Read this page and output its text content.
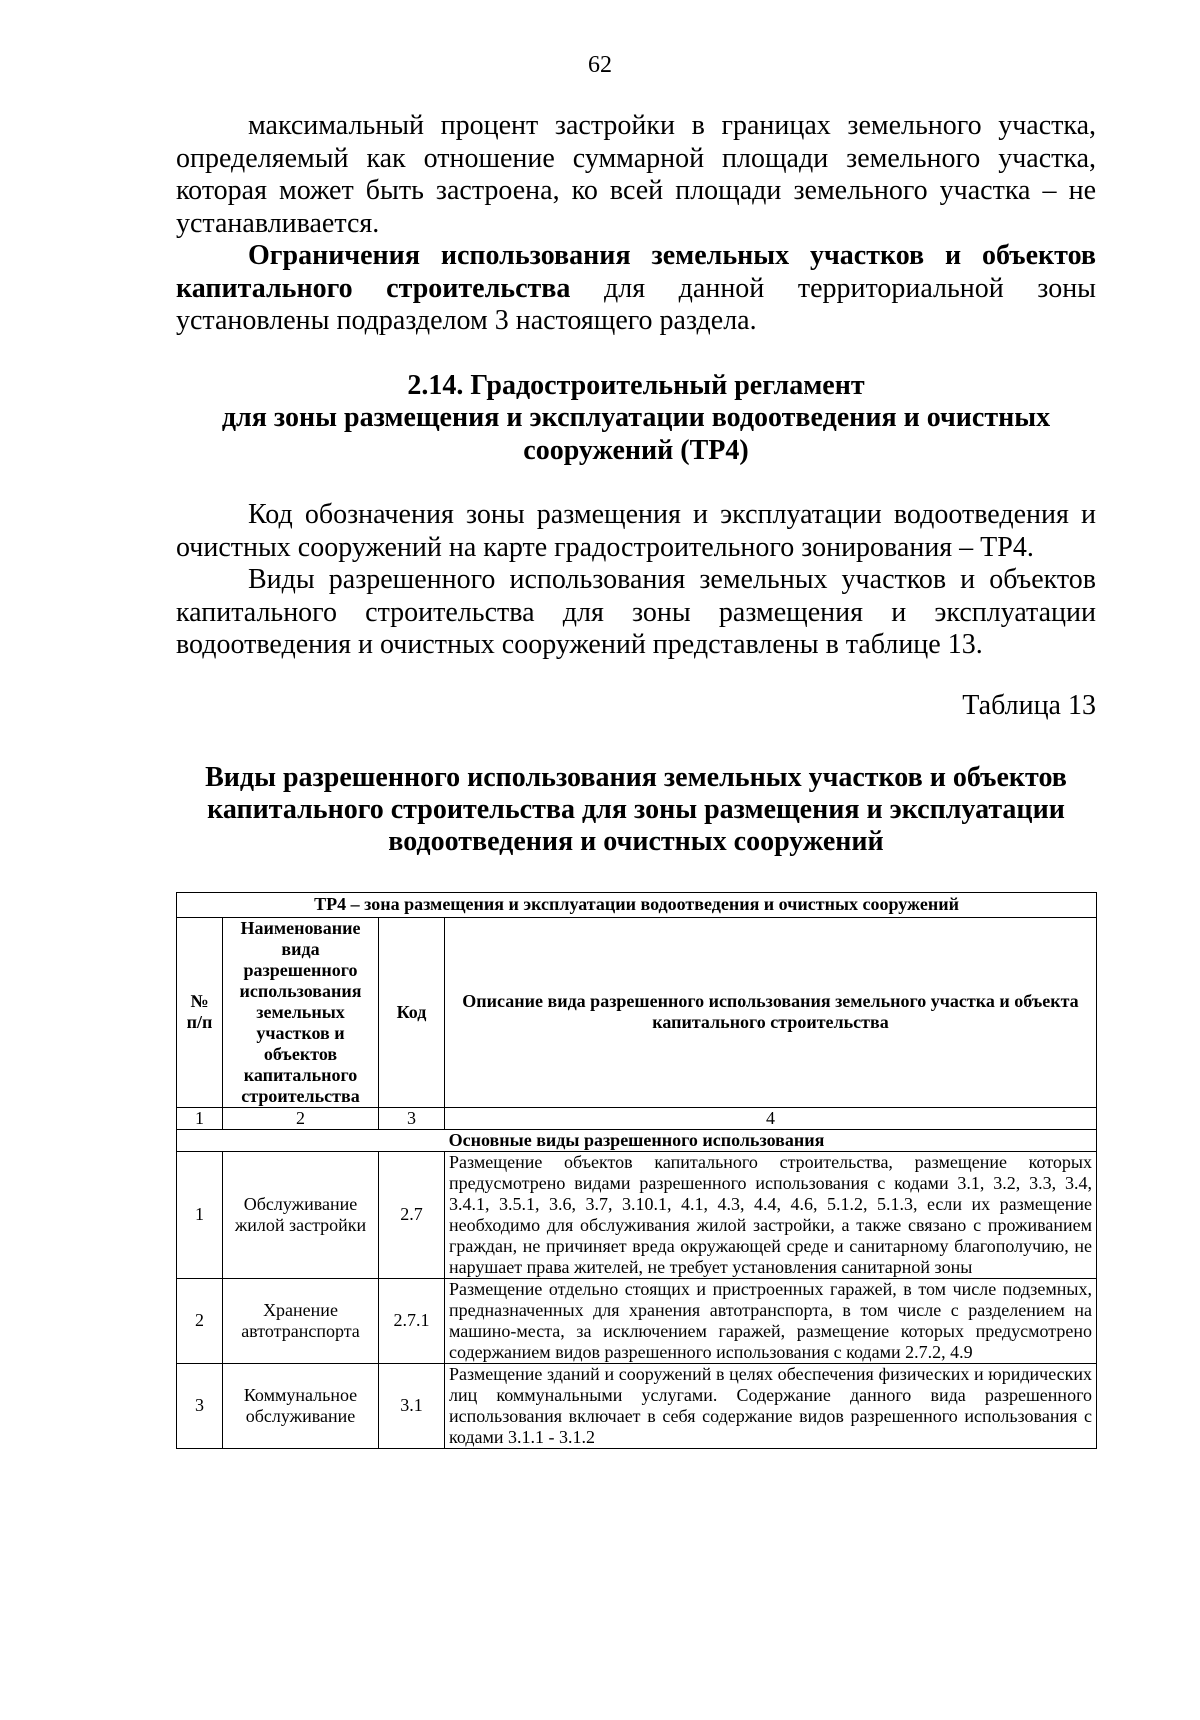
62

максимальный процент застройки в границах земельного участка, определяемый как отношение суммарной площади земельного участка, которая может быть застроена, ко всей площади земельного участка – не устанавливается.

Ограничения использования земельных участков и объектов капитального строительства для данной территориальной зоны установлены подразделом 3 настоящего раздела.

2.14. Градостроительный регламент
для зоны размещения и эксплуатации водоотведения и очистных
сооружений (ТР4)

Код обозначения зоны размещения и эксплуатации водоотведения и очистных сооружений на карте градостроительного зонирования – ТР4.

Виды разрешенного использования земельных участков и объектов капитального строительства для зоны размещения и эксплуатации водоотведения и очистных сооружений представлены в таблице 13.

Таблица 13
Виды разрешенного использования земельных участков и объектов
капитального строительства для зоны размещения и эксплуатации
водоотведения и очистных сооружений
ТР4 – зона размещения и эксплуатации водоотведения и очистных сооружений			
№ п/п	Наименование вида разрешенного использования земельных участков и объектов капитального строительства	Код	Описание вида разрешенного использования земельного участка и объекта капитального строительства
1	2	3	4
Основные виды разрешенного использования			
1	Обслуживание жилой застройки	2.7	Размещение объектов капитального строительства, размещение которых предусмотрено видами разрешенного использования с кодами 3.1, 3.2, 3.3, 3.4, 3.4.1, 3.5.1, 3.6, 3.7, 3.10.1, 4.1, 4.3, 4.4, 4.6, 5.1.2, 5.1.3, если их размещение необходимо для обслуживания жилой застройки, а также связано с проживанием граждан, не причиняет вреда окружающей среде и санитарному благополучию, не нарушает права жителей, не требует установления санитарной зоны
2	Хранение автотранспорта	2.7.1	Размещение отдельно стоящих и пристроенных гаражей, в том числе подземных, предназначенных для хранения автотранспорта, в том числе с разделением на машино-места, за исключением гаражей, размещение которых предусмотрено содержанием видов разрешенного использования с кодами 2.7.2, 4.9
3	Коммунальное обслуживание	3.1	Размещение зданий и сооружений в целях обеспечения физических и юридических лиц коммунальными услугами. Содержание данного вида разрешенного использования включает в себя содержание видов разрешенного использования с кодами 3.1.1 - 3.1.2
